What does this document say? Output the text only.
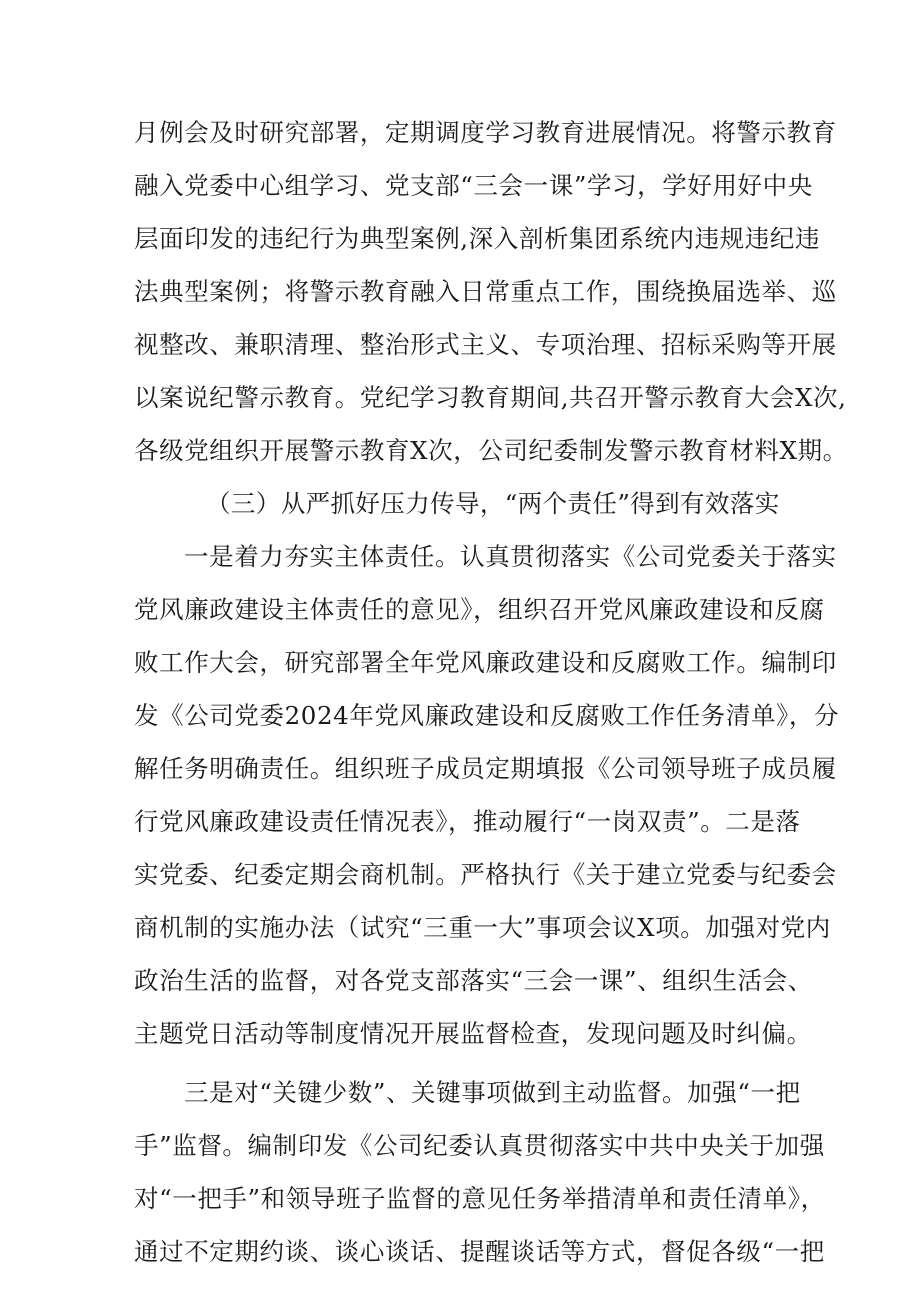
月例会及时研究部署，定期调度学习教育进展情况。将警示教育
融入党委中心组学习、党支部“三会一课”学习，学好用好中央
层面印发的违纪行为典型案例,深入剖析集团系统内违规违纪违
法典型案例；将警示教育融入日常重点工作，围绕换届选举、巡
视整改、兼职清理、整治形式主义、专项治理、招标采购等开展
以案说纪警示教育。党纪学习教育期间,共召开警示教育大会X次,
各级党组织开展警示教育X次，公司纪委制发警示教育材料X期。
（三）从严抓好压力传导，“两个责任”得到有效落实
一是着力夯实主体责任。认真贯彻落实《公司党委关于落实
党风廉政建设主体责任的意见》，组织召开党风廉政建设和反腐
败工作大会，研究部署全年党风廉政建设和反腐败工作。编制印
发《公司党委2024年党风廉政建设和反腐败工作任务清单》，分
解任务明确责任。组织班子成员定期填报《公司领导班子成员履
行党风廉政建设责任情况表》，推动履行“一岗双责”。二是落
实党委、纪委定期会商机制。严格执行《关于建立党委与纪委会
商机制的实施办法（试究“三重一大”事项会议X项。加强对党内
政治生活的监督，对各党支部落实“三会一课”、组织生活会、
主题党日活动等制度情况开展监督检查，发现问题及时纠偏。
三是对“关键少数”、关键事项做到主动监督。加强“一把
手”监督。编制印发《公司纪委认真贯彻落实中共中央关于加强
对“一把手”和领导班子监督的意见任务举措清单和责任清单》，
通过不定期约谈、谈心谈话、提醒谈话等方式，督促各级“一把
